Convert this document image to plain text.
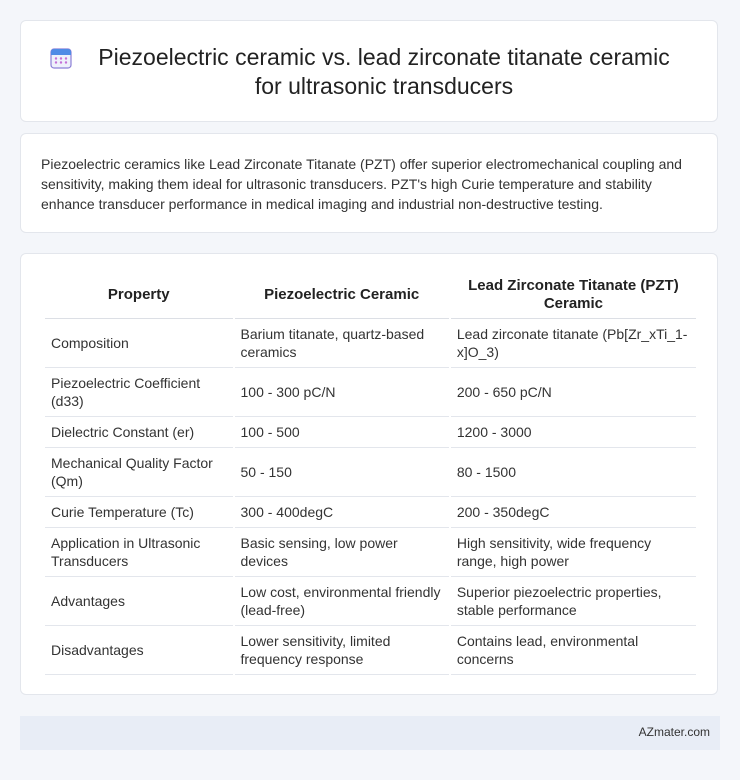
Piezoelectric ceramic vs. lead zirconate titanate ceramic for ultrasonic transducers

Piezoelectric ceramics like Lead Zirconate Titanate (PZT) offer superior electromechanical coupling and sensitivity, making them ideal for ultrasonic transducers. PZT's high Curie temperature and stability enhance transducer performance in medical imaging and industrial non-destructive testing.

Property	Piezoelectric Ceramic	Lead Zirconate Titanate (PZT) Ceramic
Composition	Barium titanate, quartz-based ceramics	Lead zirconate titanate (Pb[Zr_xTi_1-x]O_3)
Piezoelectric Coefficient (d33)	100 - 300 pC/N	200 - 650 pC/N
Dielectric Constant (er)	100 - 500	1200 - 3000
Mechanical Quality Factor (Qm)	50 - 150	80 - 1500
Curie Temperature (Tc)	300 - 400degC	200 - 350degC
Application in Ultrasonic Transducers	Basic sensing, low power devices	High sensitivity, wide frequency range, high power
Advantages	Low cost, environmental friendly (lead-free)	Superior piezoelectric properties, stable performance
Disadvantages	Lower sensitivity, limited frequency response	Contains lead, environmental concerns
AZmater.com
